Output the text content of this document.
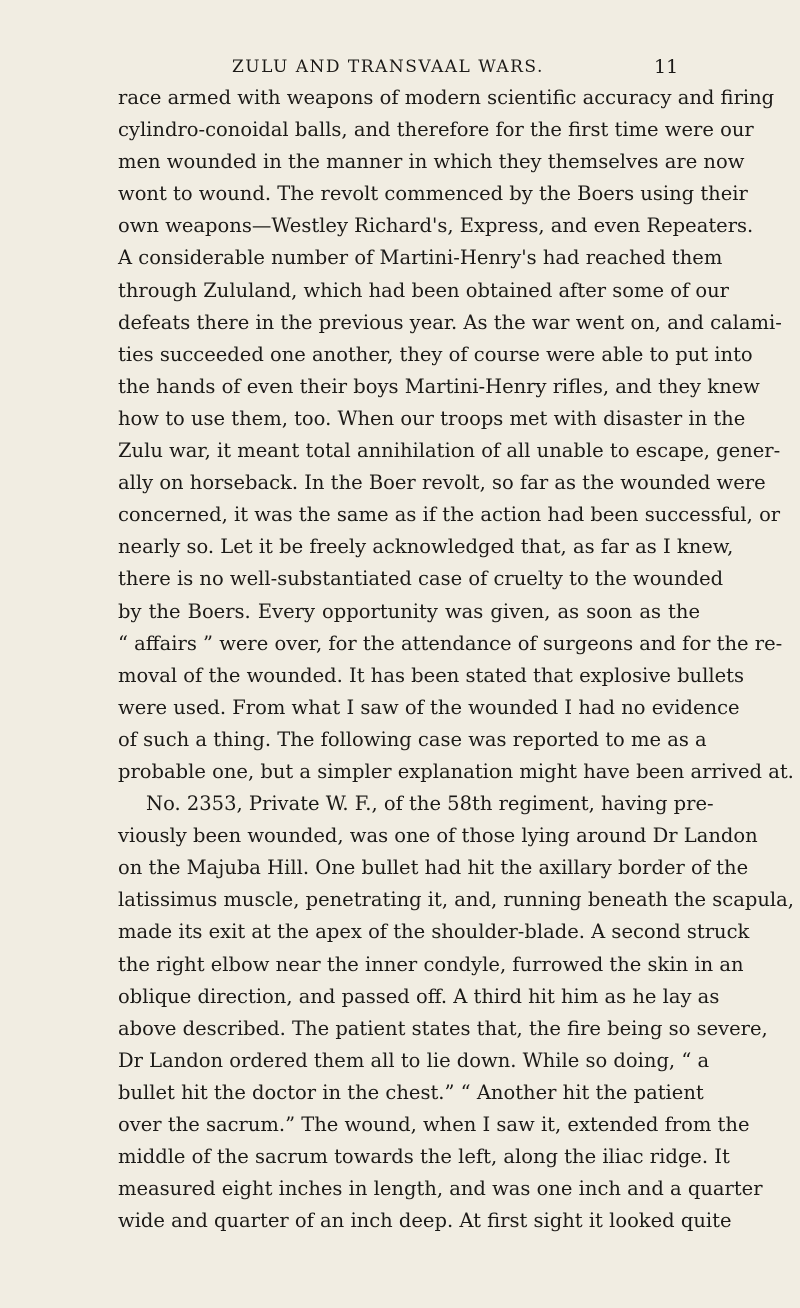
ZULU AND TRANSVAAL WARS.	11
race armed with weapons of modern scientific accuracy and firing
cylindro-conoidal balls, and therefore for the first time were our
men wounded in the manner in which they themselves are now
wont to wound. The revolt commenced by the Boers using their
own weapons—Westley Richard's, Express, and even Repeaters.
A considerable number of Martini-Henry's had reached them
through Zululand, which had been obtained after some of our
defeats there in the previous year. As the war went on, and calami-
ties succeeded one another, they of course were able to put into
the hands of even their boys Martini-Henry rifles, and they knew
how to use them, too. When our troops met with disaster in the
Zulu war, it meant total annihilation of all unable to escape, gener-
ally on horseback. In the Boer revolt, so far as the wounded were
concerned, it was the same as if the action had been successful, or
nearly so. Let it be freely acknowledged that, as far as I knew,
there is no well-substantiated case of cruelty to the wounded
by the Boers. Every opportunity was given, as soon as the
“ affairs ” were over, for the attendance of surgeons and for the re-
moval of the wounded. It has been stated that explosive bullets
were used. From what I saw of the wounded I had no evidence
of such a thing. The following case was reported to me as a
probable one, but a simpler explanation might have been arrived at.
No. 2353, Private W. F., of the 58th regiment, having pre-
viously been wounded, was one of those lying around Dr Landon
on the Majuba Hill. One bullet had hit the axillary border of the
latissimus muscle, penetrating it, and, running beneath the scapula,
made its exit at the apex of the shoulder-blade. A second struck
the right elbow near the inner condyle, furrowed the skin in an
oblique direction, and passed off. A third hit him as he lay as
above described. The patient states that, the fire being so severe,
Dr Landon ordered them all to lie down. While so doing, “ a
bullet hit the doctor in the chest.” “ Another hit the patient
over the sacrum.” The wound, when I saw it, extended from the
middle of the sacrum towards the left, along the iliac ridge. It
measured eight inches in length, and was one inch and a quarter
wide and quarter of an inch deep. At first sight it looked quite
